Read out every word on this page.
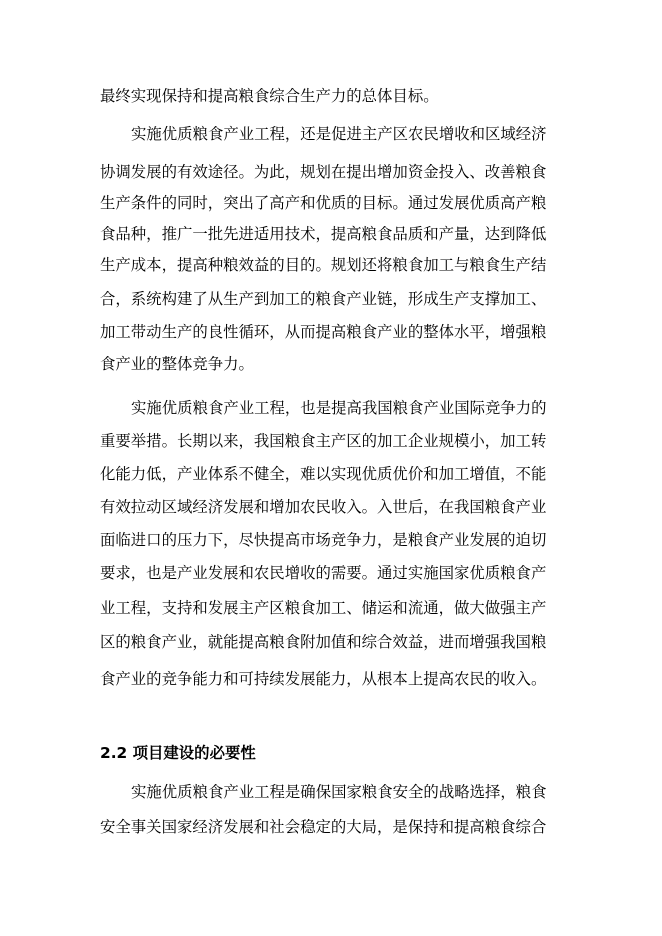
最终实现保持和提高粮食综合生产力的总体目标。
实施优质粮食产业工程，还是促进主产区农民增收和区域经济
协调发展的有效途径。为此，规划在提出增加资金投入、改善粮食
生产条件的同时，突出了高产和优质的目标。通过发展优质高产粮
食品种，推广一批先进适用技术，提高粮食品质和产量，达到降低
生产成本，提高种粮效益的目的。规划还将粮食加工与粮食生产结
合，系统构建了从生产到加工的粮食产业链，形成生产支撑加工、
加工带动生产的良性循环，从而提高粮食产业的整体水平，增强粮
食产业的整体竞争力。
实施优质粮食产业工程，也是提高我国粮食产业国际竞争力的
重要举措。长期以来，我国粮食主产区的加工企业规模小，加工转
化能力低，产业体系不健全，难以实现优质优价和加工增值，不能
有效拉动区域经济发展和增加农民收入。入世后，在我国粮食产业
面临进口的压力下，尽快提高市场竞争力，是粮食产业发展的迫切
要求，也是产业发展和农民增收的需要。通过实施国家优质粮食产
业工程，支持和发展主产区粮食加工、储运和流通，做大做强主产
区的粮食产业，就能提高粮食附加值和综合效益，进而增强我国粮
食产业的竞争能力和可持续发展能力，从根本上提高农民的收入。
2.2 项目建设的必要性
实施优质粮食产业工程是确保国家粮食安全的战略选择，粮食
安全事关国家经济发展和社会稳定的大局，是保持和提高粮食综合
